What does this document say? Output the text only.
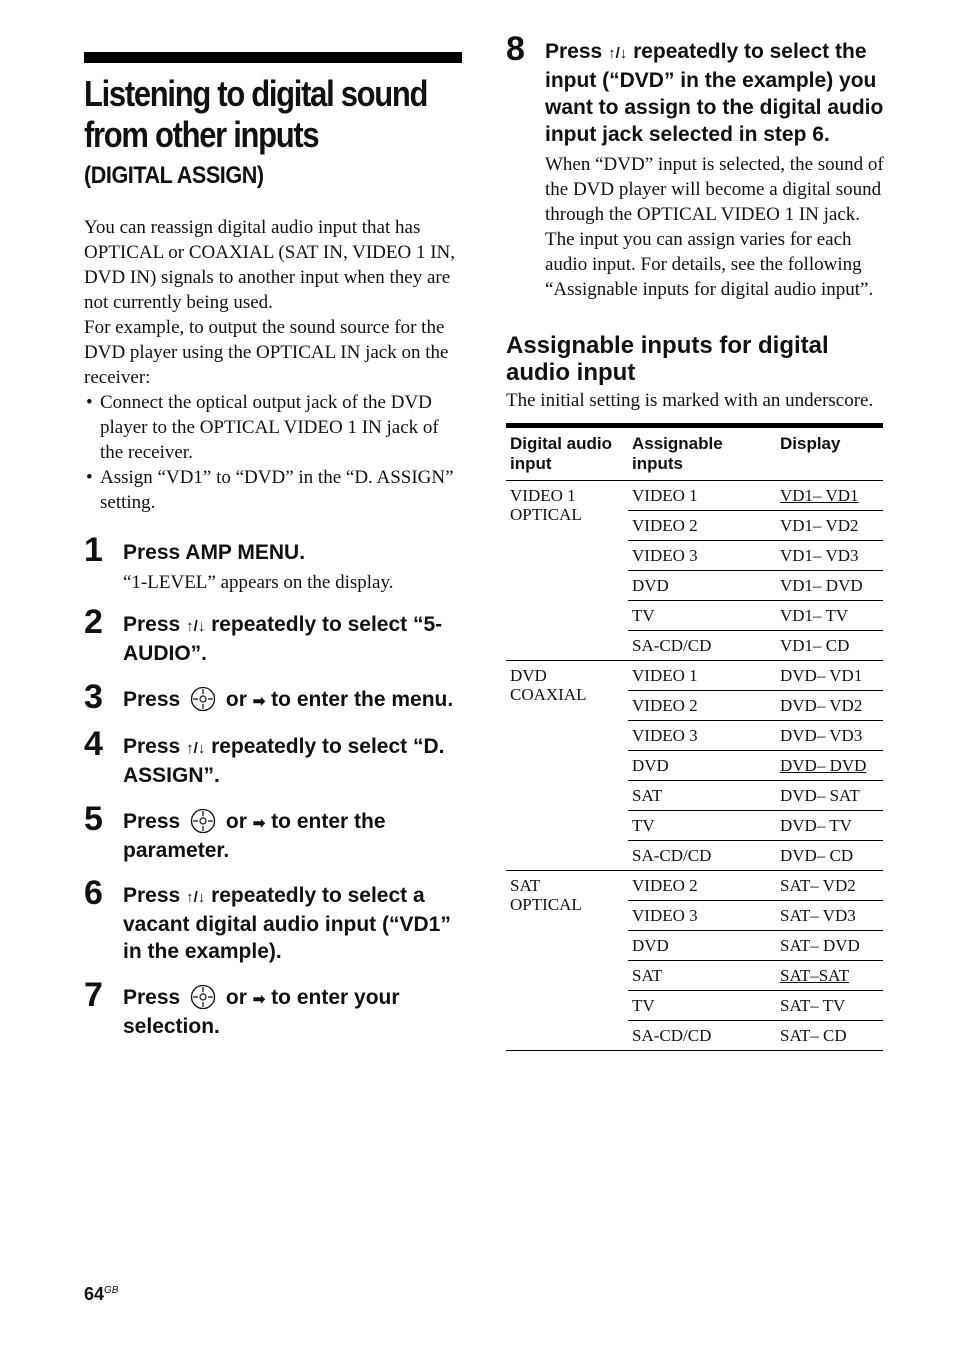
Listening to digital sound from other inputs
(DIGITAL ASSIGN)

You can reassign digital audio input that has OPTICAL or COAXIAL (SAT IN, VIDEO 1 IN, DVD IN) signals to another input when they are not currently being used.

For example, to output the sound source for the DVD player using the OPTICAL IN jack on the receiver:

• Connect the optical output jack of the DVD player to the OPTICAL VIDEO 1 IN jack of the receiver.
• Assign “VD1” to “DVD” in the “D. ASSIGN” setting.
1 Press AMP MENU.
“1-LEVEL” appears on the display.
2 Press ↑/↓ repeatedly to select “5-AUDIO”.
3 Press or ➡ to enter the menu.
4 Press ↑/↓ repeatedly to select “D. ASSIGN”.
5 Press or ➡ to enter the parameter.
6 Press ↑/↓ repeatedly to select a vacant digital audio input (“VD1” in the example).
7 Press or ➡ to enter your selection.
8 Press ↑/↓ repeatedly to select the input (“DVD” in the example) you want to assign to the digital audio input jack selected in step 6.
When “DVD” input is selected, the sound of the DVD player will become a digital sound through the OPTICAL VIDEO 1 IN jack.
The input you can assign varies for each audio input. For details, see the following “Assignable inputs for digital audio input”.
Assignable inputs for digital audio input
The initial setting is marked with an underscore.
Digital audio input	Assignable inputs	Display

VIDEO 1
OPTICAL	VIDEO 1	VD1– VD1
	VIDEO 2	VD1– VD2
	VIDEO 3	VD1– VD3
	DVD	VD1– DVD
	TV	VD1– TV
	SA-CD/CD	VD1– CD

DVD
COAXIAL	VIDEO 1	DVD– VD1
	VIDEO 2	DVD– VD2
	VIDEO 3	DVD– VD3
	DVD	DVD– DVD
	SAT	DVD– SAT
	TV	DVD– TV
	SA-CD/CD	DVD– CD

SAT
OPTICAL	VIDEO 2	SAT– VD2
	VIDEO 3	SAT– VD3
	DVD	SAT– DVD
	SAT	SAT–SAT
	TV	SAT– TV
	SA-CD/CD	SAT– CD
$64^{GB}$
